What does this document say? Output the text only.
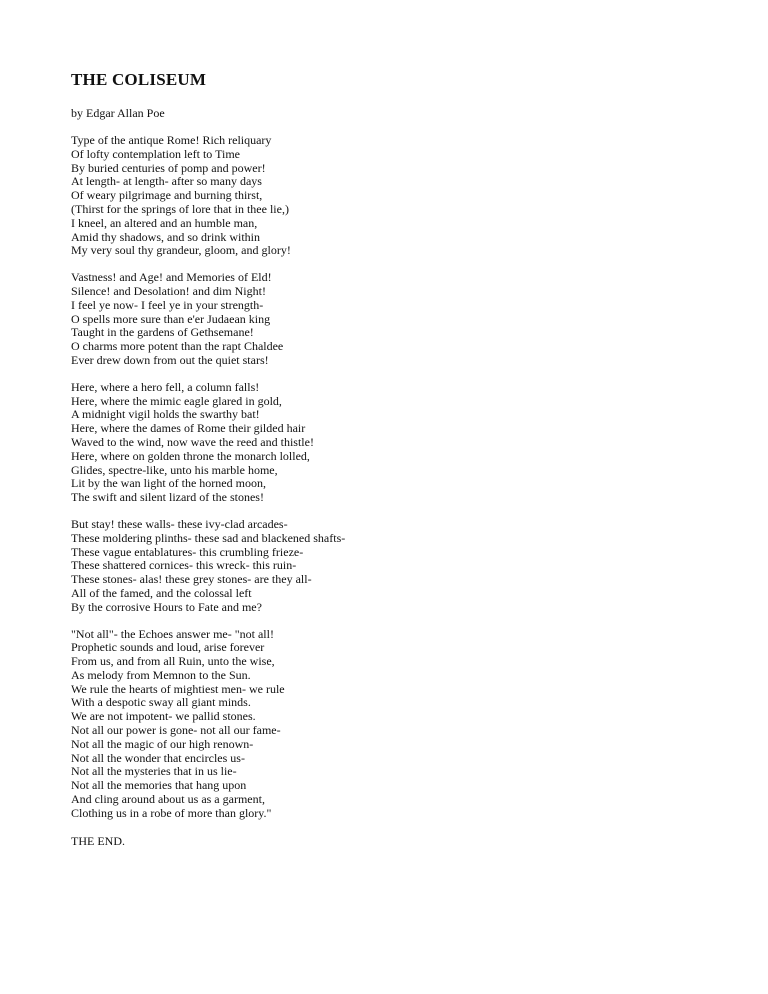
THE COLISEUM
by Edgar Allan Poe
Type of the antique Rome! Rich reliquary
Of lofty contemplation left to Time
By buried centuries of pomp and power!
At length- at length- after so many days
Of weary pilgrimage and burning thirst,
(Thirst for the springs of lore that in thee lie,)
I kneel, an altered and an humble man,
Amid thy shadows, and so drink within
My very soul thy grandeur, gloom, and glory!
Vastness! and Age! and Memories of Eld!
Silence! and Desolation! and dim Night!
I feel ye now- I feel ye in your strength-
O spells more sure than e'er Judaean king
Taught in the gardens of Gethsemane!
O charms more potent than the rapt Chaldee
Ever drew down from out the quiet stars!
Here, where a hero fell, a column falls!
Here, where the mimic eagle glared in gold,
A midnight vigil holds the swarthy bat!
Here, where the dames of Rome their gilded hair
Waved to the wind, now wave the reed and thistle!
Here, where on golden throne the monarch lolled,
Glides, spectre-like, unto his marble home,
Lit by the wan light of the horned moon,
The swift and silent lizard of the stones!
But stay! these walls- these ivy-clad arcades-
These moldering plinths- these sad and blackened shafts-
These vague entablatures- this crumbling frieze-
These shattered cornices- this wreck- this ruin-
These stones- alas! these grey stones- are they all-
All of the famed, and the colossal left
By the corrosive Hours to Fate and me?
"Not all"- the Echoes answer me- "not all!
Prophetic sounds and loud, arise forever
From us, and from all Ruin, unto the wise,
As melody from Memnon to the Sun.
We rule the hearts of mightiest men- we rule
With a despotic sway all giant minds.
We are not impotent- we pallid stones.
Not all our power is gone- not all our fame-
Not all the magic of our high renown-
Not all the wonder that encircles us-
Not all the mysteries that in us lie-
Not all the memories that hang upon
And cling around about us as a garment,
Clothing us in a robe of more than glory."
THE END.
